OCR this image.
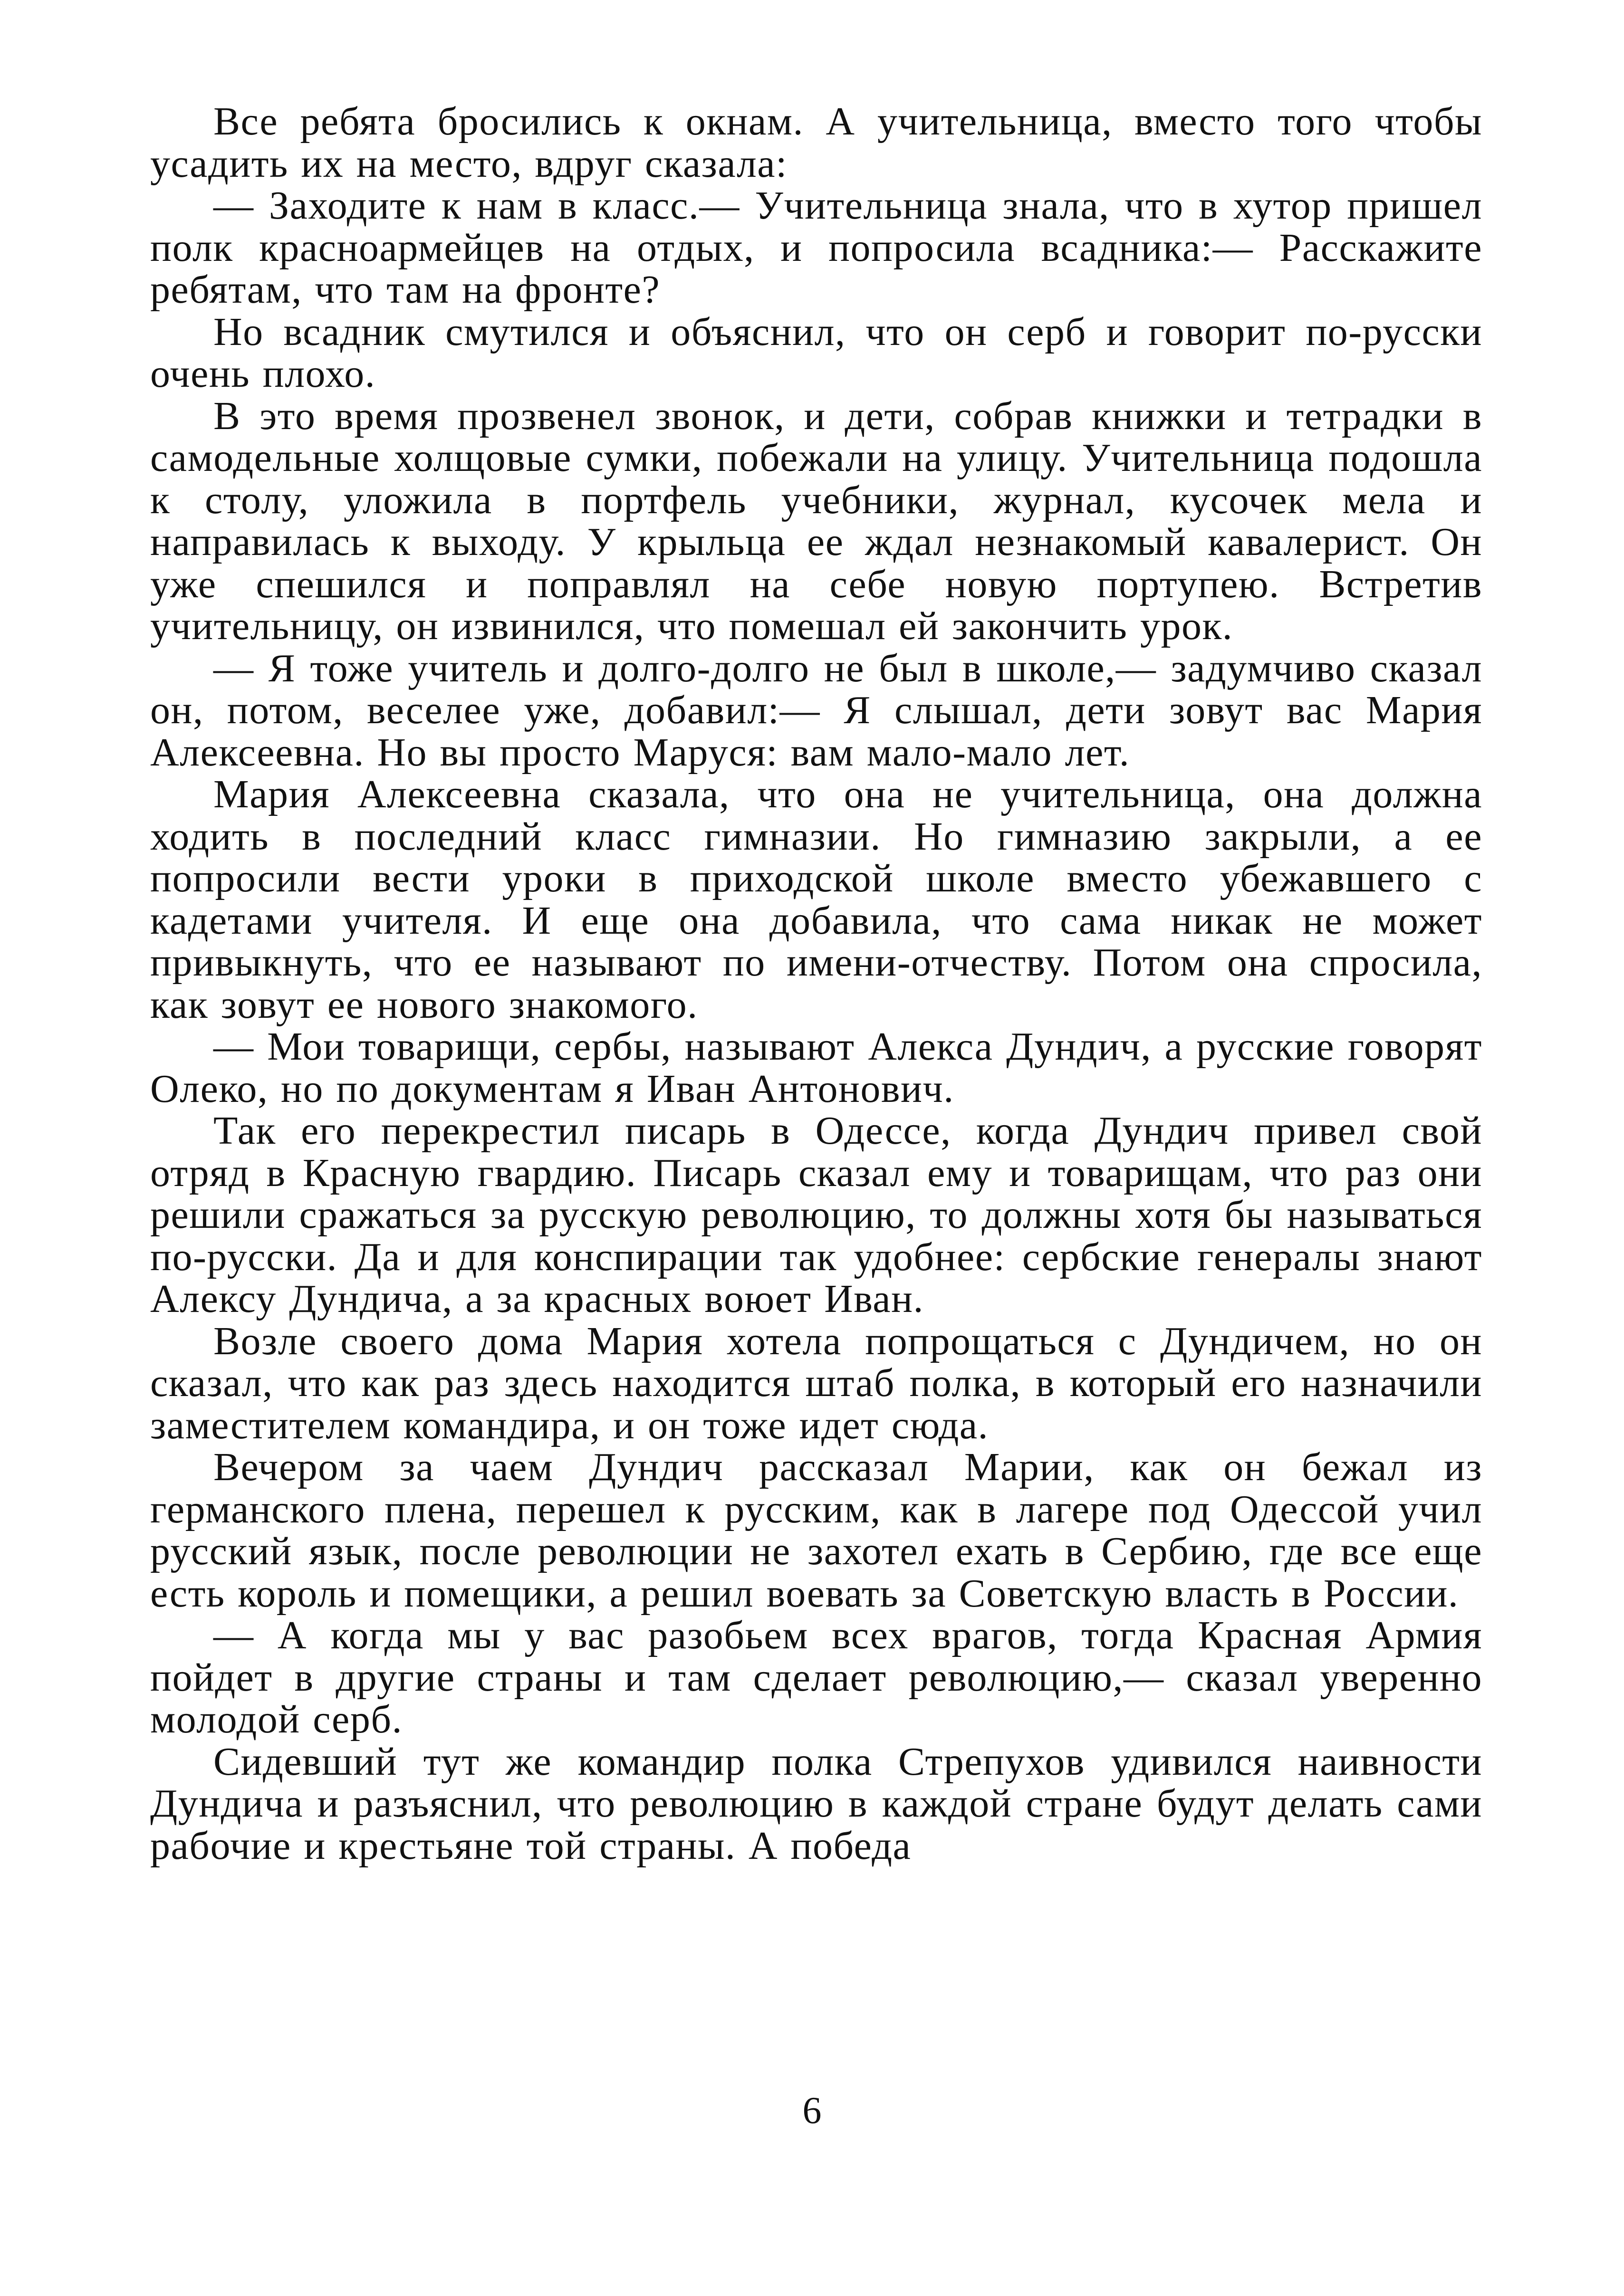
Все ребята бросились к окнам. А учительница, вместо того чтобы усадить их на место, вдруг сказала:

— Заходите к нам в класс.— Учительница знала, что в хутор пришел полк красноармейцев на отдых, и попросила всадника:— Расскажите ребятам, что там на фронте?

Но всадник смутился и объяснил, что он серб и говорит по-русски очень плохо.

В это время прозвенел звонок, и дети, собрав книжки и тетрадки в самодельные холщовые сумки, побежали на улицу. Учительница подошла к столу, уложила в портфель учебники, журнал, кусочек мела и направилась к выходу. У крыльца ее ждал незнакомый кавалерист. Он уже спешился и поправлял на себе новую портупею. Встретив учительницу, он извинился, что помешал ей закончить урок.

— Я тоже учитель и долго-долго не был в школе,— задумчиво сказал он, потом, веселее уже, добавил:— Я слышал, дети зовут вас Мария Алексеевна. Но вы просто Маруся: вам мало-мало лет.

Мария Алексеевна сказала, что она не учительница, она должна ходить в последний класс гимназии. Но гимназию закрыли, а ее попросили вести уроки в приходской школе вместо убежавшего с кадетами учителя. И еще она добавила, что сама никак не может привыкнуть, что ее называют по имени-отчеству. Потом она спросила, как зовут ее нового знакомого.

— Мои товарищи, сербы, называют Алекса Дундич, а русские говорят Олеко, но по документам я Иван Антонович.

Так его перекрестил писарь в Одессе, когда Дундич привел свой отряд в Красную гвардию. Писарь сказал ему и товарищам, что раз они решили сражаться за русскую революцию, то должны хотя бы называться по-русски. Да и для конспирации так удобнее: сербские генералы знают Алексу Дундича, а за красных воюет Иван.

Возле своего дома Мария хотела попрощаться с Дундичем, но он сказал, что как раз здесь находится штаб полка, в который его назначили заместителем командира, и он тоже идет сюда.

Вечером за чаем Дундич рассказал Марии, как он бежал из германского плена, перешел к русским, как в лагере под Одессой учил русский язык, после революции не захотел ехать в Сербию, где все еще есть король и помещики, а решил воевать за Советскую власть в России.

— А когда мы у вас разобьем всех врагов, тогда Красная Армия пойдет в другие страны и там сделает революцию,— сказал уверенно молодой серб.

Сидевший тут же командир полка Стрепухов удивился наивности Дундича и разъяснил, что революцию в каждой стране будут делать сами рабочие и крестьяне той страны. А победа

6
